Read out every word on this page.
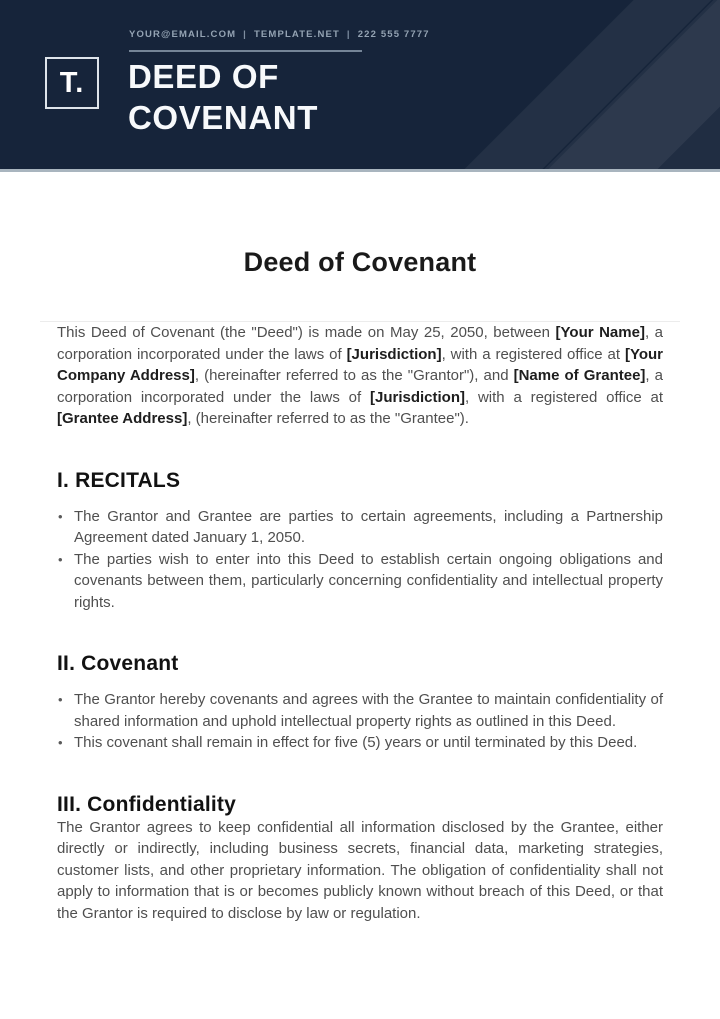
YOUR@EMAIL.COM | TEMPLATE.NET | 222 555 7777
T. DEED OF
COVENANT
Deed of Covenant

This Deed of Covenant (the "Deed") is made on May 25, 2050, between [Your Name], a corporation incorporated under the laws of [Jurisdiction], with a registered office at [Your Company Address], (hereinafter referred to as the "Grantor"), and [Name of Grantee], a corporation incorporated under the laws of [Jurisdiction], with a registered office at [Grantee Address], (hereinafter referred to as the "Grantee").

I. RECITALS
• The Grantor and Grantee are parties to certain agreements, including a Partnership Agreement dated January 1, 2050.
• The parties wish to enter into this Deed to establish certain ongoing obligations and covenants between them, particularly concerning confidentiality and intellectual property rights.
II. Covenant
• The Grantor hereby covenants and agrees with the Grantee to maintain confidentiality of shared information and uphold intellectual property rights as outlined in this Deed.
• This covenant shall remain in effect for five (5) years or until terminated by this Deed.
III. Confidentiality

The Grantor agrees to keep confidential all information disclosed by the Grantee, either directly or indirectly, including business secrets, financial data, marketing strategies, customer lists, and other proprietary information. The obligation of confidentiality shall not apply to information that is or becomes publicly known without breach of this Deed, or that the Grantor is required to disclose by law or regulation.
